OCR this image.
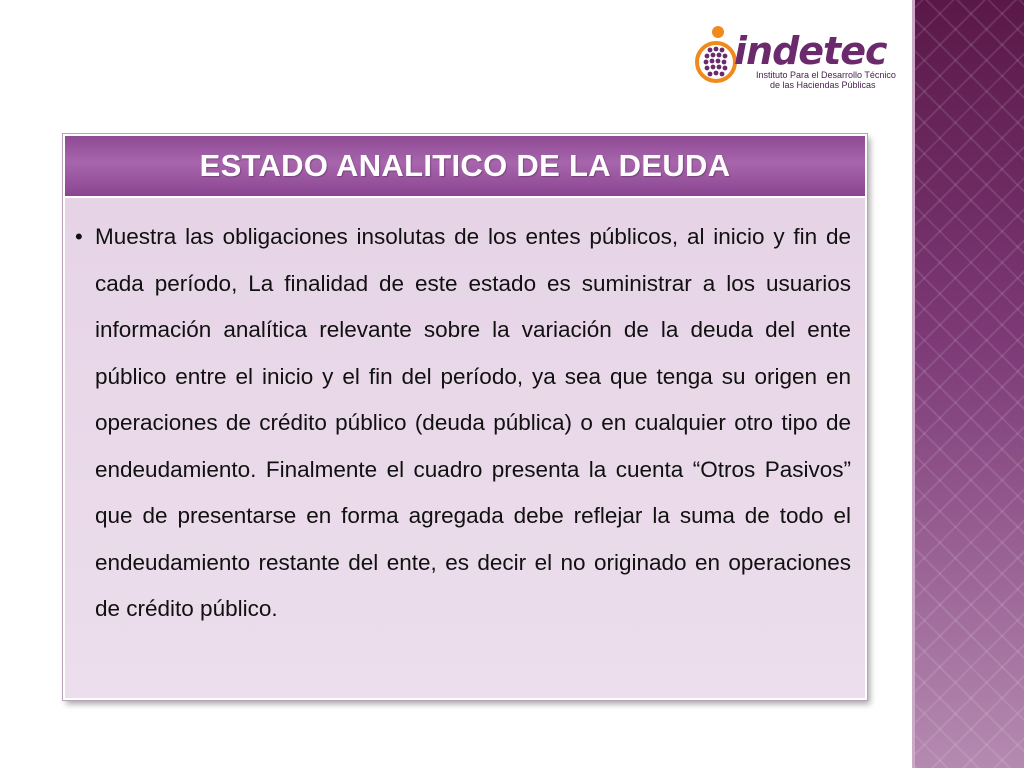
indetec
Instituto Para el Desarrollo Técnico
de las Haciendas Públicas
ESTADO ANALITICO DE LA DEUDA
• Muestra las obligaciones insolutas de los entes públicos, al inicio y fin de cada período, La finalidad de este estado es suministrar a los usuarios información analítica relevante sobre la variación de la deuda del ente público entre el inicio y el fin del período, ya sea que tenga su origen en operaciones de crédito público (deuda pública) o en cualquier otro tipo de endeudamiento. Finalmente el cuadro presenta la cuenta “Otros Pasivos” que de presentarse en forma agregada debe reflejar la suma de todo el endeudamiento restante del ente, es decir el no originado en operaciones de crédito público.
